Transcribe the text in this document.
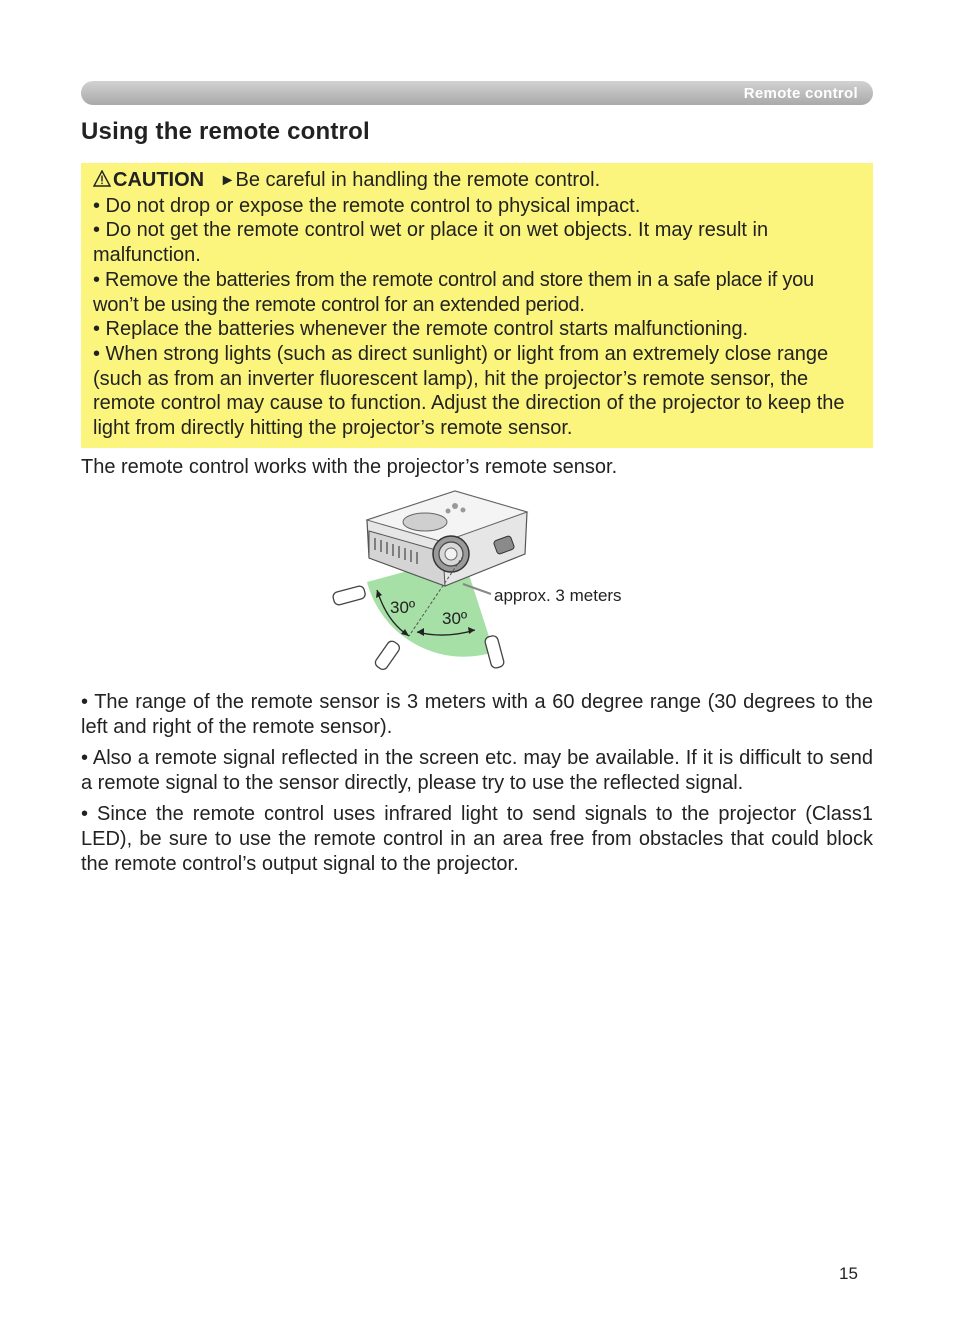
Remote control
Using the remote control

CAUTION ►Be careful in handling the remote control.

• Do not drop or expose the remote control to physical impact.

• Do not get the remote control wet or place it on wet objects. It may result in malfunction.

• Remove the batteries from the remote control and store them in a safe place if you won’t be using the remote control for an extended period.

• Replace the batteries whenever the remote control starts malfunctioning.

• When strong lights (such as direct sunlight) or light from an extremely close range (such as from an inverter fluorescent lamp), hit the projector’s remote sensor, the remote control may cause to function. Adjust the direction of the projector to keep the light from directly hitting the projector’s remote sensor.

The remote control works with the projector’s remote sensor.

30º
30º
approx. 3 meters

• The range of the remote sensor is 3 meters with a 60 degree range (30 degrees to the left and right of the remote sensor).

• Also a remote signal reflected in the screen etc. may be available. If it is difficult to send a remote signal to the sensor directly, please try to use the reflected signal.

• Since the remote control uses infrared light to send signals to the projector (Class1 LED), be sure to use the remote control in an area free from obstacles that could block the remote control’s output signal to the projector.

15
